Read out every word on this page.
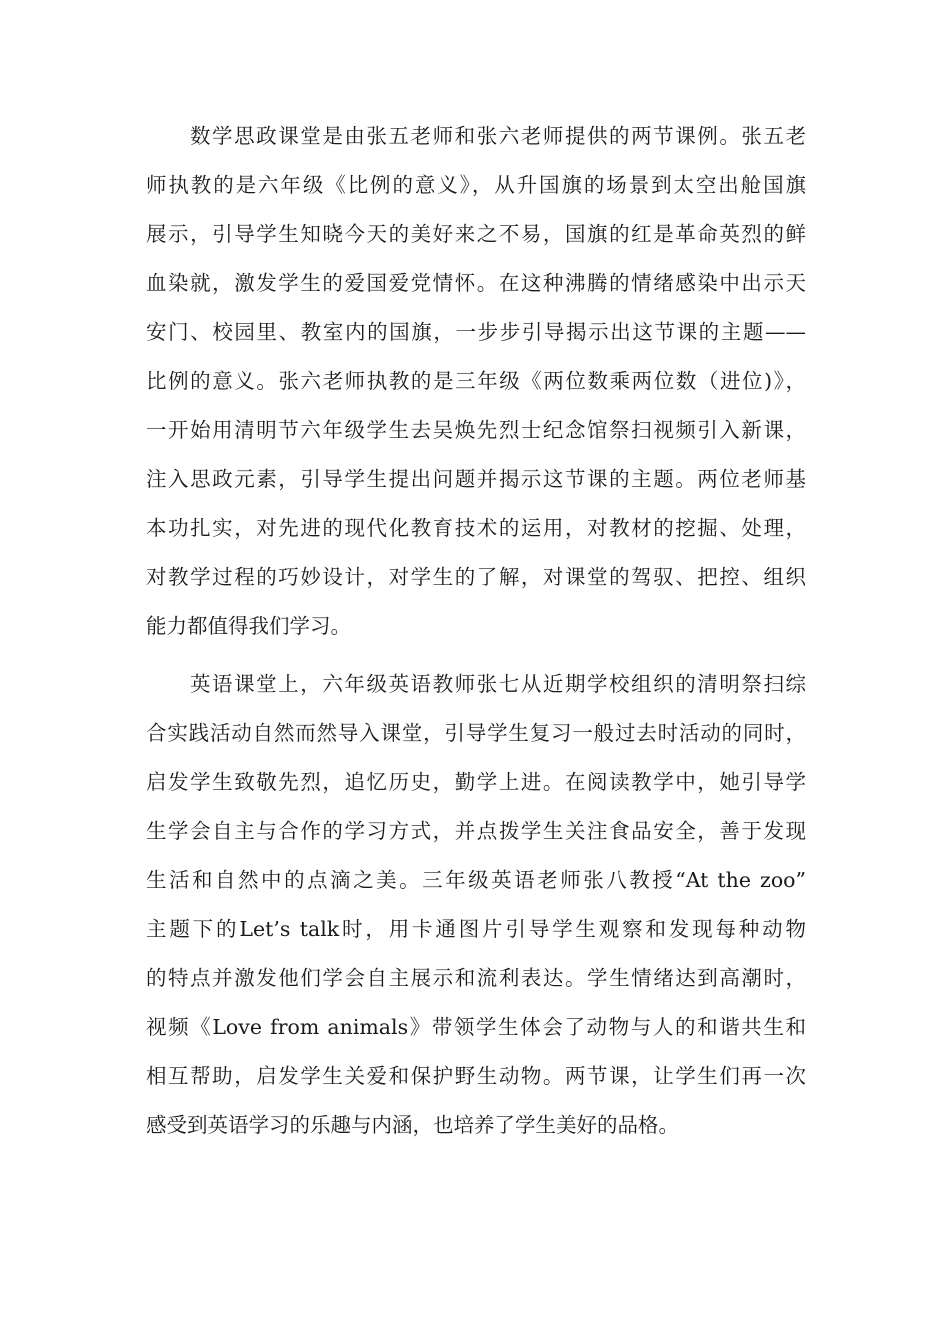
数学思政课堂是由张五老师和张六老师提供的两节课例。张五老
师执教的是六年级《比例的意义》，从升国旗的场景到太空出舱国旗
展示，引导学生知晓今天的美好来之不易，国旗的红是革命英烈的鲜
血染就，激发学生的爱国爱党情怀。在这种沸腾的情绪感染中出示天
安门、校园里、教室内的国旗，一步步引导揭示出这节课的主题——
比例的意义。张六老师执教的是三年级《两位数乘两位数（进位)》，
一开始用清明节六年级学生去吴焕先烈士纪念馆祭扫视频引入新课，
注入思政元素，引导学生提出问题并揭示这节课的主题。两位老师基
本功扎实，对先进的现代化教育技术的运用，对教材的挖掘、处理，
对教学过程的巧妙设计，对学生的了解，对课堂的驾驭、把控、组织
能力都值得我们学习。
英语课堂上，六年级英语教师张七从近期学校组织的清明祭扫综
合实践活动自然而然导入课堂，引导学生复习一般过去时活动的同时，
启发学生致敬先烈，追忆历史，勤学上进。在阅读教学中，她引导学
生学会自主与合作的学习方式，并点拨学生关注食品安全，善于发现
生活和自然中的点滴之美。三年级英语老师张八教授“At the zoo”
主题下的Let’s talk时，用卡通图片引导学生观察和发现每种动物
的特点并激发他们学会自主展示和流利表达。学生情绪达到高潮时，
视频《Love from animals》带领学生体会了动物与人的和谐共生和
相互帮助，启发学生关爱和保护野生动物。两节课，让学生们再一次
感受到英语学习的乐趣与内涵，也培养了学生美好的品格。
